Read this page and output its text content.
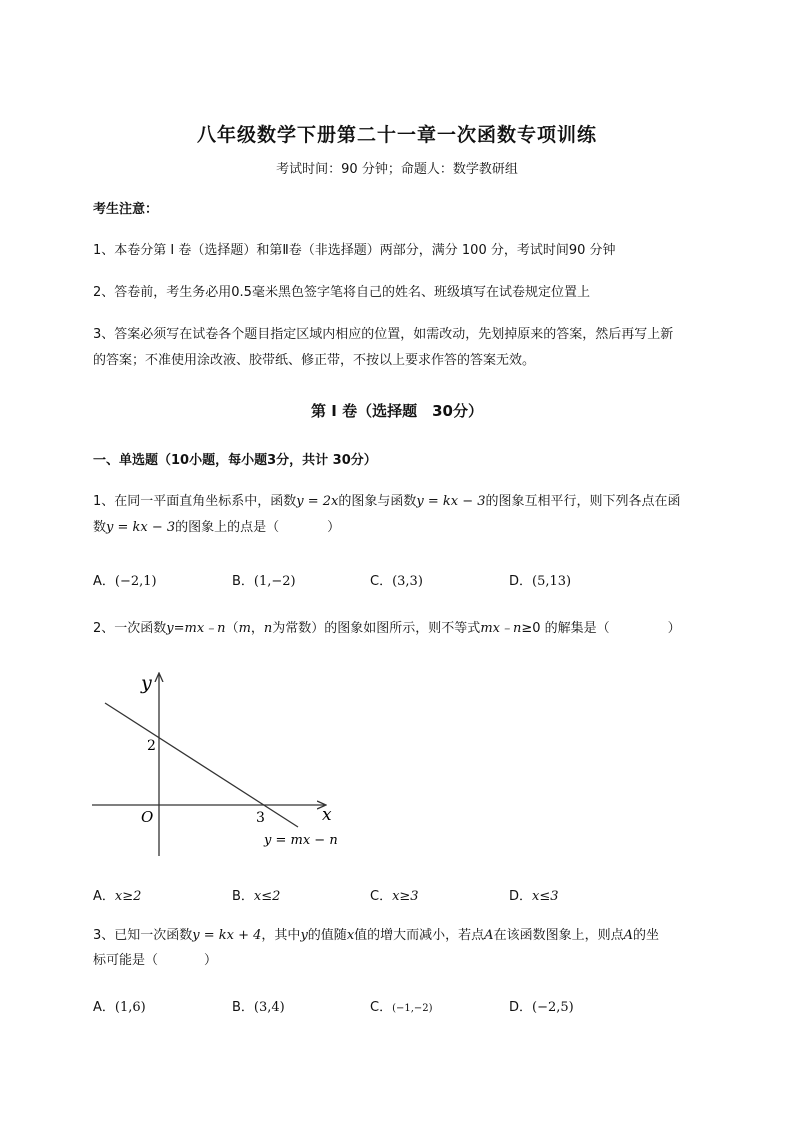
八年级数学下册第二十一章一次函数专项训练
考试时间：90 分钟；命题人：数学教研组
考生注意：
1、本卷分第 I 卷（选择题）和第Ⅱ卷（非选择题）两部分，满分 100 分，考试时间90 分钟
2、答卷前，考生务必用0.5毫米黑色签字笔将自己的姓名、班级填写在试卷规定位置上
3、答案必须写在试卷各个题目指定区域内相应的位置，如需改动，先划掉原来的答案，然后再写上新
的答案；不准使用涂改液、胶带纸、修正带，不按以上要求作答的答案无效。
第 I 卷（选择题　30分）
一、单选题（10小题，每小题3分，共计 30分）
1、在同一平面直角坐标系中，函数y = 2x的图象与函数y = kx − 3的图象互相平行，则下列各点在函
数y = kx − 3的图象上的点是（	）
A．(−2,1)	B．(1,−2)	C．(3,3)	D．(5,13)
2、一次函数y=mx﹣n（m，n为常数）的图象如图所示，则不等式mx﹣n≥0 的解集是（	）
y
x
O
2
3
y = mx − n
A．x≥2	B．x≤2	C．x≥3	D．x≤3
3、已知一次函数y = kx + 4，其中y的值随x值的增大而减小，若点A在该函数图象上，则点A的坐
标可能是（	）
A．(1,6)	B．(3,4)	C．(−1,−2)	D．(−2,5)
